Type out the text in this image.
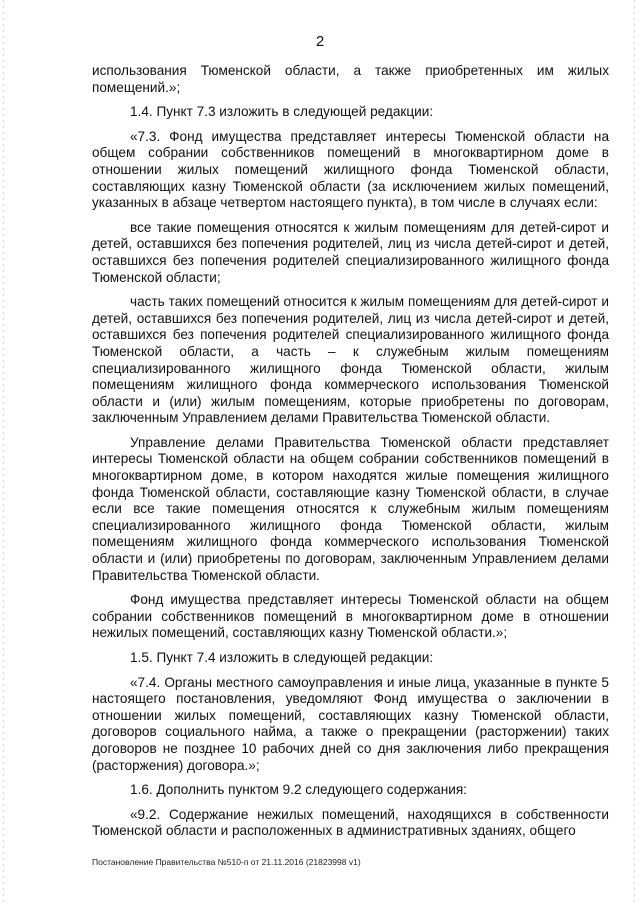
2

использования Тюменской области, а также приобретенных им жилых помещений.»;

1.4. Пункт 7.3 изложить в следующей редакции:

«7.3. Фонд имущества представляет интересы Тюменской области на общем собрании собственников помещений в многоквартирном доме в отношении жилых помещений жилищного фонда Тюменской области, составляющих казну Тюменской области (за исключением жилых помещений, указанных в абзаце четвертом настоящего пункта), в том числе в случаях если:

все такие помещения относятся к жилым помещениям для детей-сирот и детей, оставшихся без попечения родителей, лиц из числа детей-сирот и детей, оставшихся без попечения родителей специализированного жилищного фонда Тюменской области;

часть таких помещений относится к жилым помещениям для детей-сирот и детей, оставшихся без попечения родителей, лиц из числа детей-сирот и детей, оставшихся без попечения родителей специализированного жилищного фонда Тюменской области, а часть – к служебным жилым помещениям специализированного жилищного фонда Тюменской области, жилым помещениям жилищного фонда коммерческого использования Тюменской области и (или) жилым помещениям, которые приобретены по договорам, заключенным Управлением делами Правительства Тюменской области.

Управление делами Правительства Тюменской области представляет интересы Тюменской области на общем собрании собственников помещений в многоквартирном доме, в котором находятся жилые помещения жилищного фонда Тюменской области, составляющие казну Тюменской области, в случае если все такие помещения относятся к служебным жилым помещениям специализированного жилищного фонда Тюменской области, жилым помещениям жилищного фонда коммерческого использования Тюменской области и (или) приобретены по договорам, заключенным Управлением делами Правительства Тюменской области.

Фонд имущества представляет интересы Тюменской области на общем собрании собственников помещений в многоквартирном доме в отношении нежилых помещений, составляющих казну Тюменской области.»;

1.5. Пункт 7.4 изложить в следующей редакции:

«7.4. Органы местного самоуправления и иные лица, указанные в пункте 5 настоящего постановления, уведомляют Фонд имущества о заключении в отношении жилых помещений, составляющих казну Тюменской области, договоров социального найма, а также о прекращении (расторжении) таких договоров не позднее 10 рабочих дней со дня заключения либо прекращения (расторжения) договора.»;

1.6. Дополнить пунктом 9.2 следующего содержания:

«9.2. Содержание нежилых помещений, находящихся в собственности Тюменской области и расположенных в административных зданиях, общего

Постановление Правительства №510-п от 21.11.2016 (21823998 v1)
